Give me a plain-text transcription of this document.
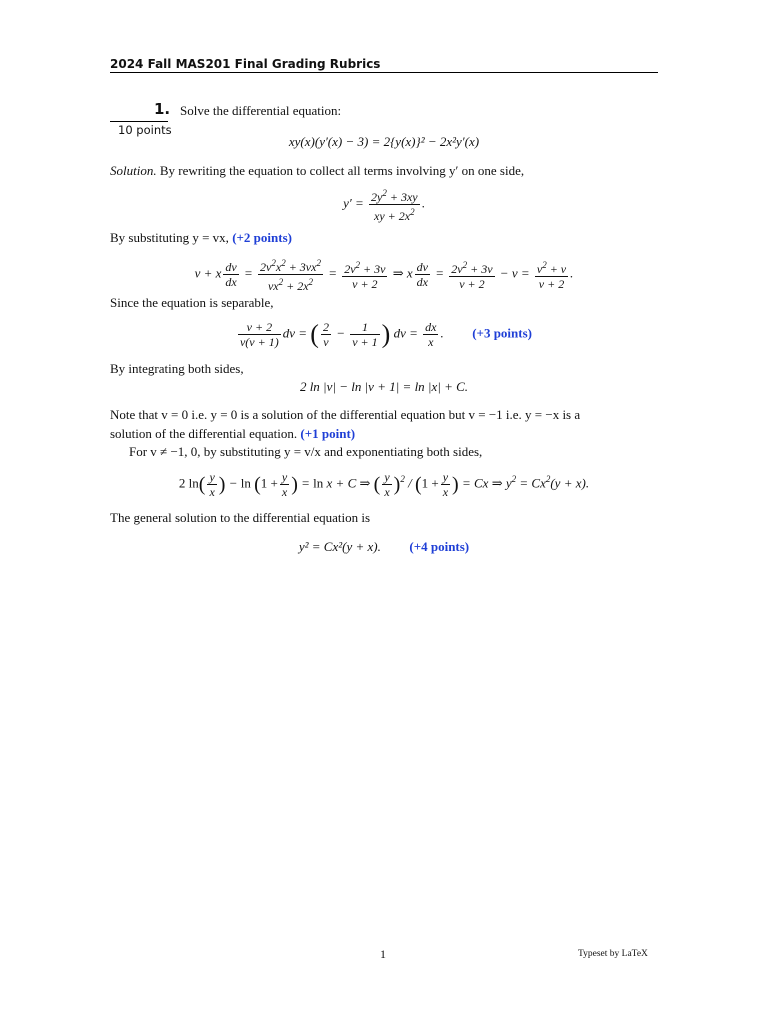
2024 Fall MAS201 Final Grading Rubrics
1.
10 points
Solve the differential equation:
xy(x)(y′(x) − 3) = 2{y(x)}² − 2x²y′(x)
Solution. By rewriting the equation to collect all terms involving y′ on one side,
$y' = \frac{2y^2 + 3xy}{xy + 2x^2}$ .
By substituting y = vx, (+2 points)
v + x $\frac{dv}{dx} = \frac{2v^2x^2 + 3vx^2}{vx^2 + 2x^2} = \frac{2v^2 + 3v}{v + 2}$ ⇒ x $\frac{dv}{dx} = \frac{2v^2 + 3v}{v + 2} - v = \frac{v^2 + v}{v + 2}$ .
Since the equation is separable,
$\frac{v + 2}{v(v + 1)}$ dv = ( $\frac{2}{v} - \frac{1}{v + 1}$ ) dv = $\frac{dx}{x}$ .  (+3 points)
By integrating both sides,
2 ln |v| − ln |v + 1| = ln |x| + C.
Note that v = 0 i.e. y = 0 is a solution of the differential equation but v = −1 i.e. y = −x is a
solution of the differential equation. (+1 point)
For v ≠ −1, 0, by substituting y = v/x and exponentiating both sides,
2 $\ln( \frac{y}{x}$ ) − $\ln (1 + \frac{y}{x}$ ) = ln x + C ⇒ ( $\frac{y}{x} )^2 / (1 + \frac{y}{x}$ ) = Cx ⇒ $y^2 = Cx^2(y + x)$.
The general solution to the differential equation is
y² = Cx²(y + x). (+4 points)
1	Typeset by LaTeX
